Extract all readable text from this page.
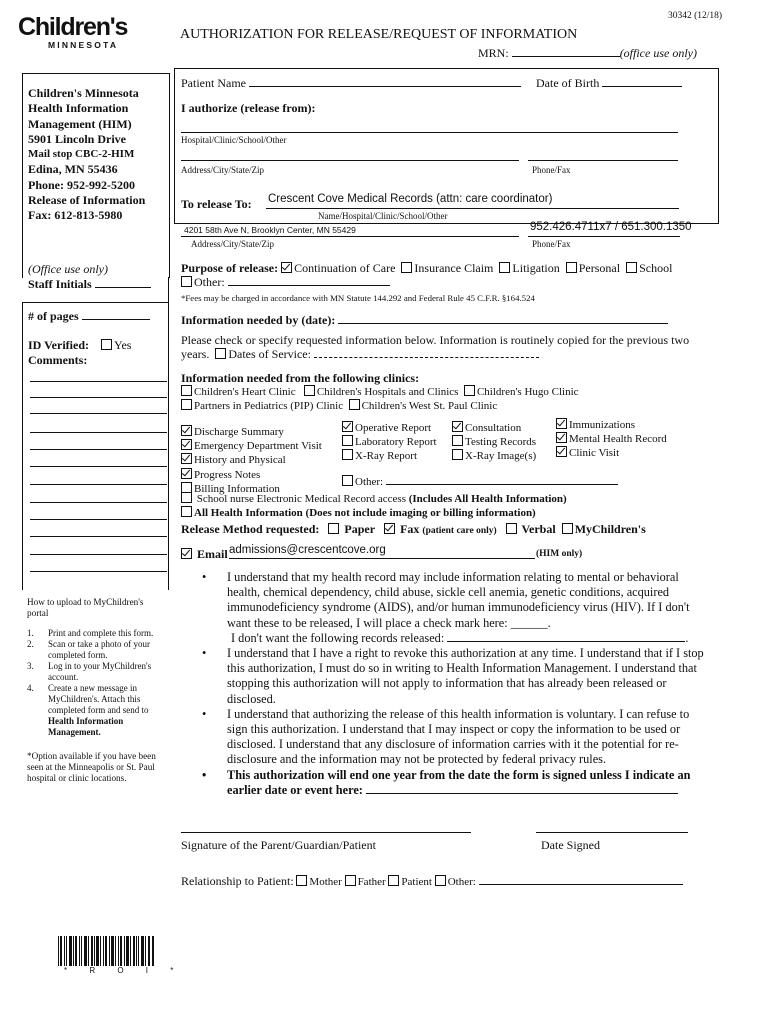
Children's
MINNESOTA
AUTHORIZATION FOR RELEASE/REQUEST OF INFORMATION
30342 (12/18)
MRN:	(office use only)
Children's Minnesota
Health Information
Management (HIM)
5901 Lincoln Drive
Mail stop CBC-2-HIM
Edina, MN 55436
Phone: 952-992-5200
Release of Information
Fax: 612-813-5980
(Office use only)
Staff Initials
# of pages
ID Verified: Yes
Comments:
How to upload to MyChildren's portal
1. Print and complete this form.
2. Scan or take a photo of your completed form.
3. Log in to your MyChildren's account.
4. Create a new message in MyChildren's. Attach this completed form and send to Health Information Management.
*Option available if you have been seen at the Minneapolis or St. Paul hospital or clinic locations.
Patient Name	Date of Birth
I authorize (release from):
Hospital/Clinic/School/Other
Address/City/State/Zip	Phone/Fax
To release To: Crescent Cove Medical Records (attn: care coordinator)
Name/Hospital/Clinic/School/Other
4201 58th Ave N, Brooklyn Center, MN 55429	952.426.4711x7 / 651.300.1350
Address/City/State/Zip	Phone/Fax
Purpose of release: Continuation of Care Insurance Claim Litigation Personal School
Other:
*Fees may be charged in accordance with MN Statute 144.292 and Federal Rule 45 C.F.R. §164.524
Information needed by (date):
Please check or specify requested information below. Information is routinely copied for the previous two years. Dates of Service:
Information needed from the following clinics:
Children's Heart Clinic Children's Hospitals and Clinics Children's Hugo Clinic
Partners in Pediatrics (PIP) Clinic Children's West St. Paul Clinic
Discharge Summary
Emergency Department Visit
History and Physical
Progress Notes
Billing Information
Operative Report
Laboratory Report
X-Ray Report
Consultation
Testing Records
X-Ray Image(s)
Immunizations
Mental Health Record
Clinic Visit
Other:
School nurse Electronic Medical Record access (Includes All Health Information)
All Health Information (Does not include imaging or billing information)
Release Method requested: Paper Fax (patient care only) Verbal MyChildren's
Email admissions@crescentcove.org	(HIM only)
• I understand that my health record may include information relating to mental or behavioral health, chemical dependency, child abuse, sickle cell anemia, genetic conditions, acquired immunodeficiency syndrome (AIDS), and/or human immunodeficiency virus (HIV). If I don't want these to be released, I will place a check mark here: ______.
I don't want the following records released:	.
• I understand that I have a right to revoke this authorization at any time. I understand that if I stop this authorization, I must do so in writing to Health Information Management. I understand that stopping this authorization will not apply to information that has already been released or disclosed.
• I understand that authorizing the release of this health information is voluntary. I can refuse to sign this authorization. I understand that I may inspect or copy the information to be used or disclosed. I understand that any disclosure of information carries with it the potential for re-disclosure and the information may not be protected by federal privacy rules.
• This authorization will end one year from the date the form is signed unless I indicate an earlier date or event here:
Signature of the Parent/Guardian/Patient	Date Signed
Relationship to Patient: Mother Father Patient Other:
* R O I *
